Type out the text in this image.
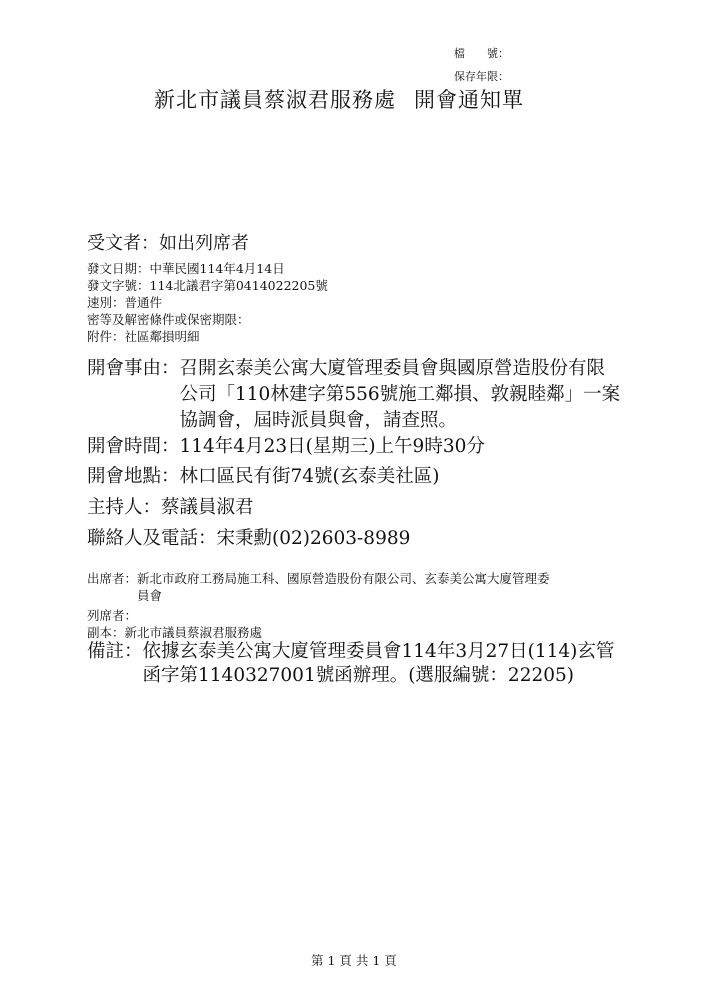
檔　　號：
保存年限：
新北市議員蔡淑君服務處 開會通知單
受文者：如出列席者
發文日期：中華民國114年4月14日
發文字號：114北議君字第0414022205號
速別：普通件
密等及解密條件或保密期限：
附件：社區鄰損明細
開會事由： 召開玄泰美公寓大廈管理委員會與國原營造股份有限
公司「110林建字第556號施工鄰損、敦親睦鄰」一案
協調會，屆時派員與會，請查照。
開會時間：114年4月23日(星期三)上午9時30分
開會地點：林口區民有街74號(玄泰美社區)
主持人：蔡議員淑君
聯絡人及電話：宋秉勳(02)2603-8989
出席者： 新北市政府工務局施工科、國原營造股份有限公司、玄泰美公寓大廈管理委
員會
列席者：
副本：新北市議員蔡淑君服務處
備註： 依據玄泰美公寓大廈管理委員會114年3月27日(114)玄管
函字第1140327001號函辦理。(選服編號：22205)
第 1 頁 共 1 頁
